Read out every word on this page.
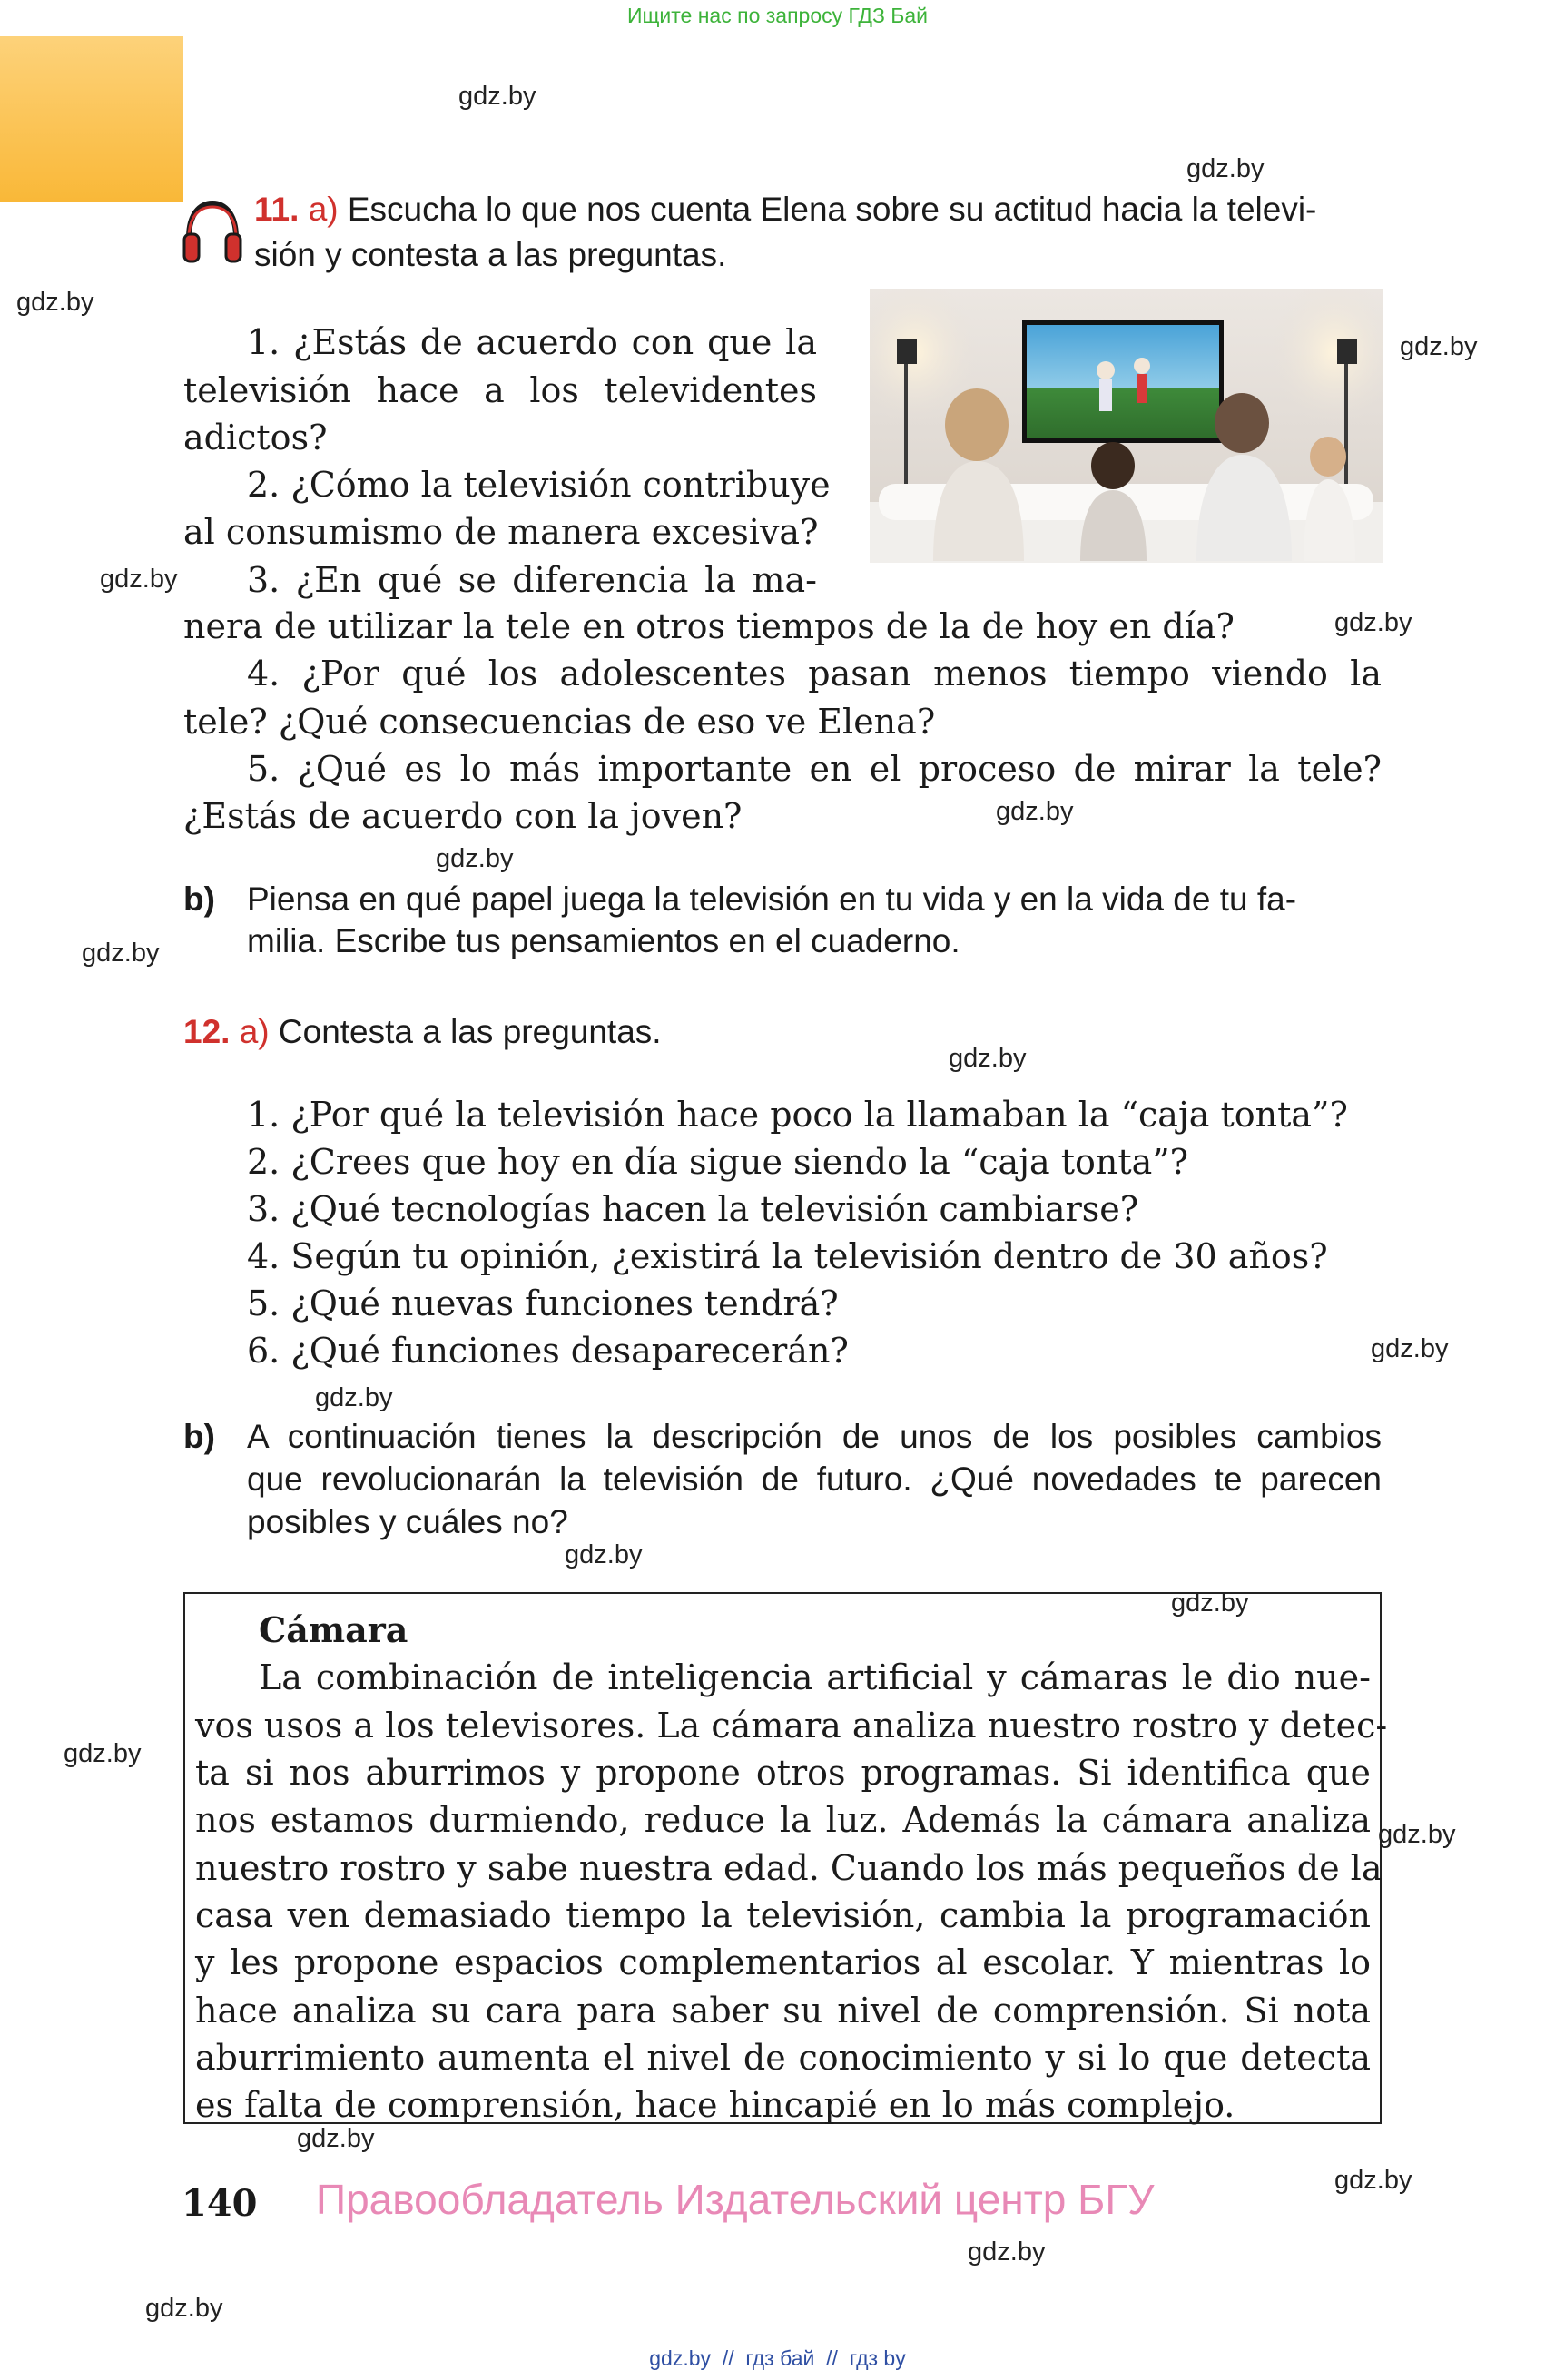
Ищите нас по запросу ГДЗ Бай
gdz.by
gdz.by
gdz.by
gdz.by
gdz.by
gdz.by
gdz.by
gdz.by
gdz.by
gdz.by
gdz.by
gdz.by
gdz.by
gdz.by
gdz.by
gdz.by
gdz.by
gdz.by
gdz.by
gdz.by
11. a) Escucha lo que nos cuenta Elena sobre su actitud hacia la televi-
sión y contesta a las preguntas.
1. ¿Estás de acuerdo con que la
televisión hace a los televidentes
adictos?
2. ¿Cómo la televisión contribuye
al consumismo de manera excesiva?
3. ¿En qué se diferencia la ma-
nera de utilizar la tele en otros tiempos de la de hoy en día?
4. ¿Por qué los adolescentes pasan menos tiempo viendo la
tele? ¿Qué consecuencias de eso ve Elena?
5. ¿Qué es lo más importante en el proceso de mirar la tele?
¿Estás de acuerdo con la joven?
b) Piensa en qué papel juega la televisión en tu vida y en la vida de tu fa-
milia. Escribe tus pensamientos en el cuaderno.
12. a) Contesta a las preguntas.
1. ¿Por qué la televisión hace poco la llamaban la “caja tonta”?
2. ¿Crees que hoy en día sigue siendo la “caja tonta”?
3. ¿Qué tecnologías hacen la televisión cambiarse?
4. Según tu opinión, ¿existirá la televisión dentro de 30 años?
5. ¿Qué nuevas funciones tendrá?
6. ¿Qué funciones desaparecerán?
b) A continuación tienes la descripción de unos de los posibles cambios
que revolucionarán la televisión de futuro. ¿Qué novedades te parecen
posibles y cuáles no?
Cámara
La combinación de inteligencia artificial y cámaras le dio nue-
vos usos a los televisores. La cámara analiza nuestro rostro y detec-
ta si nos aburrimos y propone otros programas. Si identifica que
nos estamos durmiendo, reduce la luz. Además la cámara analiza
nuestro rostro y sabe nuestra edad. Cuando los más pequeños de la
casa ven demasiado tiempo la televisión, cambia la programación
y les propone espacios complementarios al escolar. Y mientras lo
hace analiza su cara para saber su nivel de comprensión. Si nota
aburrimiento aumenta el nivel de conocimiento y si lo que detecta
es falta de comprensión, hace hincapié en lo más complejo.
140 Правообладатель Издательский центр БГУ
gdz.by  //  гдз бай  //  гдз by
